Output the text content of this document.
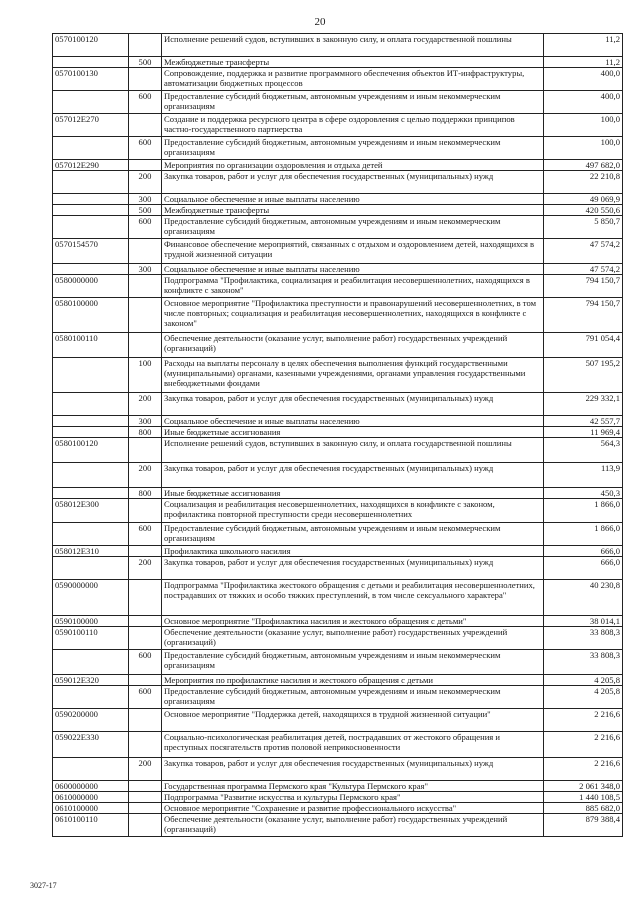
20
0570100120		Исполнение решений судов, вступивших в законную силу, и оплата государственной пошлины	11,2
	500	Межбюджетные трансферты	11,2
0570100130		Сопровождение, поддержка и развитие программного обеспечения объектов ИТ-инфраструктуры, автоматизации бюджетных процессов	400,0
	600	Предоставление субсидий бюджетным, автономным учреждениям и иным некоммерческим организациям	400,0
057012Е270		Создание и поддержка ресурсного центра в сфере оздоровления с целью поддержки принципов частно-государственного партнерства	100,0
	600	Предоставление субсидий бюджетным, автономным учреждениям и иным некоммерческим организациям	100,0
057012Е290		Мероприятия по организации оздоровления и отдыха детей	497 682,0
	200	Закупка товаров, работ и услуг для обеспечения государственных (муниципальных) нужд	22 210,8
	300	Социальное обеспечение и иные выплаты населению	49 069,9
	500	Межбюджетные трансферты	420 550,6
	600	Предоставление субсидий бюджетным, автономным учреждениям и иным некоммерческим организациям	5 850,7
0570154570		Финансовое обеспечение мероприятий, связанных с отдыхом и оздоровлением детей, находящихся в трудной жизненной ситуации	47 574,2
	300	Социальное обеспечение и иные выплаты населению	47 574,2
0580000000		Подпрограмма "Профилактика, социализация и реабилитация несовершеннолетних, находящихся в конфликте с законом"	794 150,7
0580100000		Основное мероприятие "Профилактика преступности и правонарушений несовершеннолетних, в том числе повторных; социализация и реабилитация несовершеннолетних, находящихся в конфликте с законом"	794 150,7
0580100110		Обеспечение деятельности (оказание услуг, выполнение работ) государственных учреждений (организаций)	791 054,4
	100	Расходы на выплаты персоналу в целях обеспечения выполнения функций государственными (муниципальными) органами, казенными учреждениями, органами управления государственными внебюджетными фондами	507 195,2
	200	Закупка товаров, работ и услуг для обеспечения государственных (муниципальных) нужд	229 332,1
	300	Социальное обеспечение и иные выплаты населению	42 557,7
	800	Иные бюджетные ассигнования	11 969,4
0580100120		Исполнение решений судов, вступивших в законную силу, и оплата государственной пошлины	564,3
	200	Закупка товаров, работ и услуг для обеспечения государственных (муниципальных) нужд	113,9
	800	Иные бюджетные ассигнования	450,3
058012Е300		Социализация и реабилитация несовершеннолетних, находящихся в конфликте с законом, профилактика повторной преступности среди несовершеннолетних	1 866,0
	600	Предоставление субсидий бюджетным, автономным учреждениям и иным некоммерческим организациям	1 866,0
058012Е310		Профилактика школьного насилия	666,0
	200	Закупка товаров, работ и услуг для обеспечения государственных (муниципальных) нужд	666,0
0590000000		Подпрограмма "Профилактика жестокого обращения с детьми и реабилитация несовершеннолетних, пострадавших от тяжких и особо тяжких преступлений, в том числе сексуального характера"	40 230,8
0590100000		Основное мероприятие "Профилактика насилия и жестокого обращения с детьми"	38 014,1
0590100110		Обеспечение деятельности (оказание услуг, выполнение работ) государственных учреждений (организаций)	33 808,3
	600	Предоставление субсидий бюджетным, автономным учреждениям и иным некоммерческим организациям	33 808,3
059012Е320		Мероприятия по профилактике насилия и жестокого обращения с детьми	4 205,8
	600	Предоставление субсидий бюджетным, автономным учреждениям и иным некоммерческим организациям	4 205,8
0590200000		Основное мероприятие "Поддержка детей, находящихся в трудной жизненной ситуации"	2 216,6
059022Е330		Социально-психологическая реабилитация детей, пострадавших от жестокого обращения и преступных посягательств против половой неприкосновенности	2 216,6
	200	Закупка товаров, работ и услуг для обеспечения государственных (муниципальных) нужд	2 216,6
0600000000		Государственная программа Пермского края "Культура Пермского края"	2 061 348,0
0610000000		Подпрограмма "Развитие искусства и культуры Пермского края"	1 440 108,5
0610100000		Основное мероприятие "Сохранение и развитие профессионального искусства"	885 682,0
0610100110		Обеспечение деятельности (оказание услуг, выполнение работ) государственных учреждений (организаций)	879 388,4
3027-17
